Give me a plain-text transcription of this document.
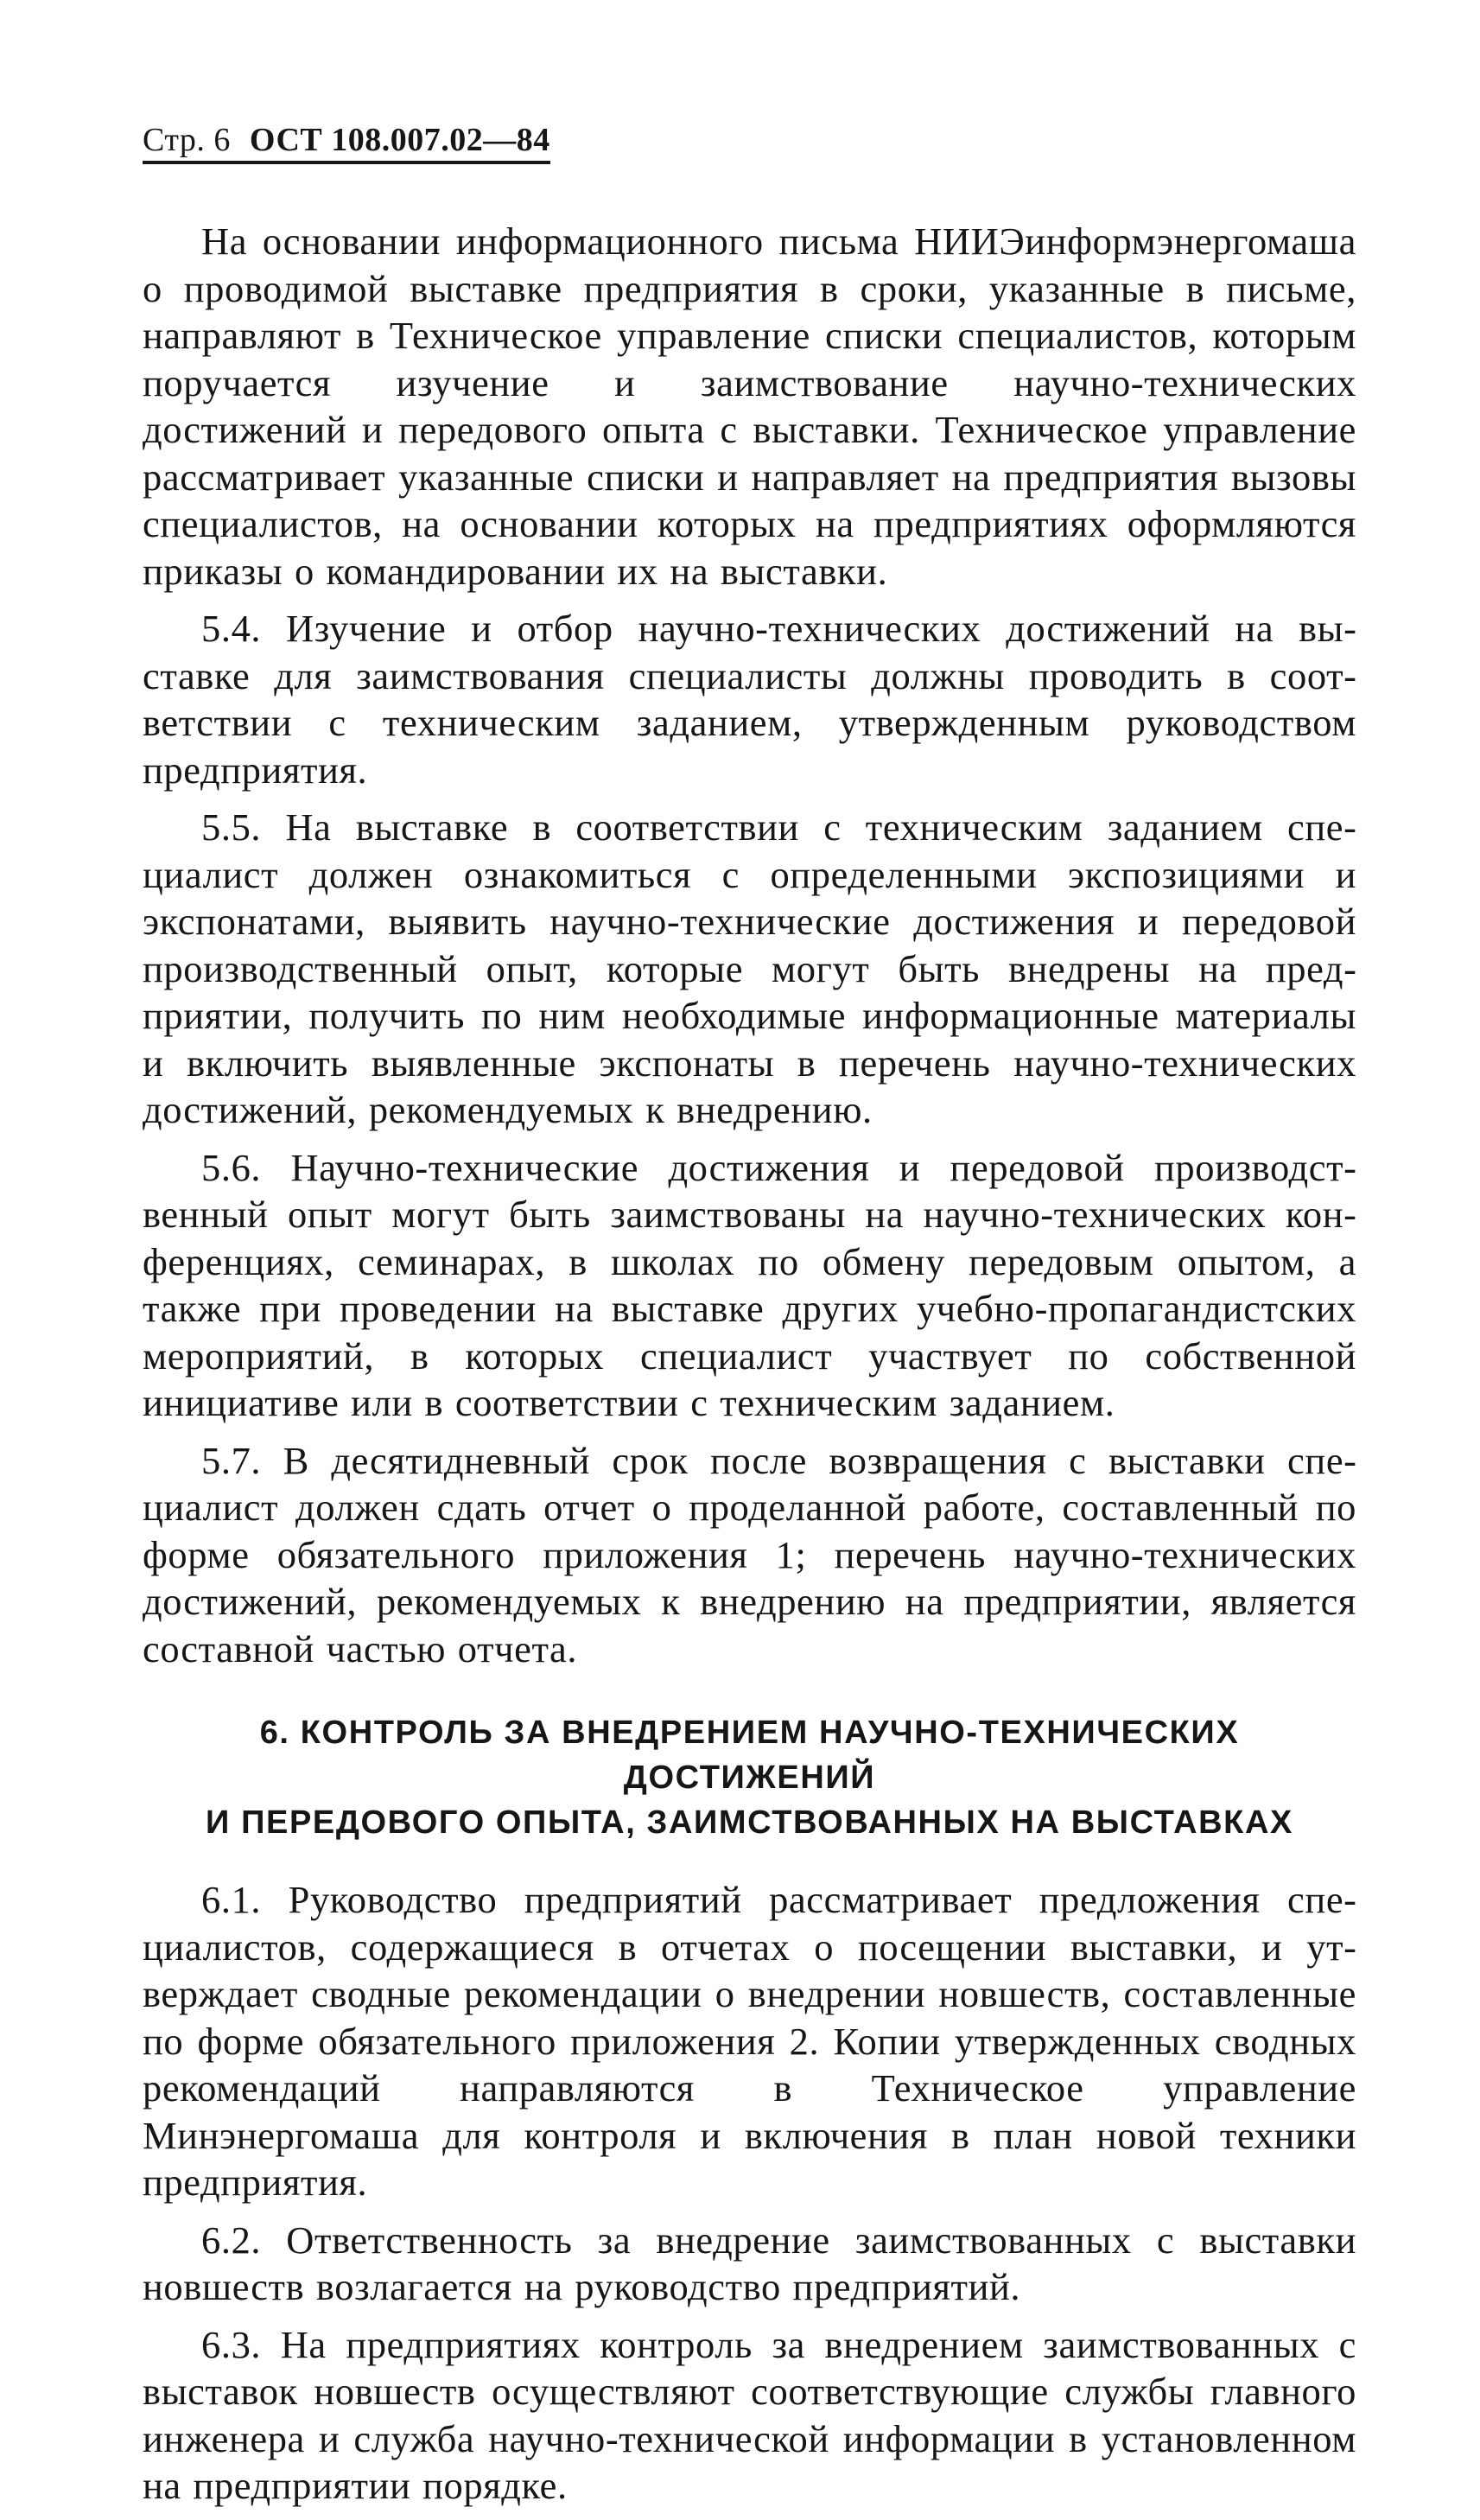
Стр. 6 ОСТ 108.007.02—84

На основании информационного письма НИИЭинформэнергомаша о проводимой выставке предприятия в сроки, указанные в письме, направляют в Техническое управление списки специалистов, которым поручается изучение и заимствование научно-технических достижений и передового опыта с выставки. Техническое управление рассматривает указанные списки и направляет на предприятия вызовы специалистов, на основании которых на предприятиях оформляются приказы о командировании их на выставки.

5.4. Изучение и отбор научно-технических достижений на выставке для заимствования специалисты должны проводить в соответствии с техническим заданием, утвержденным руководством предприятия.

5.5. На выставке в соответствии с техническим заданием специалист должен ознакомиться с определенными экспозициями и экспонатами, выявить научно-технические достижения и передовой производственный опыт, которые могут быть внедрены на предприятии, получить по ним необходимые информационные материалы и включить выявленные экспонаты в перечень научно-технических достижений, рекомендуемых к внедрению.

5.6. Научно-технические достижения и передовой производственный опыт могут быть заимствованы на научно-технических конференциях, семинарах, в школах по обмену передовым опытом, а также при проведении на выставке других учебно-пропагандистских мероприятий, в которых специалист участвует по собственной инициативе или в соответствии с техническим заданием.

5.7. В десятидневный срок после возвращения с выставки специалист должен сдать отчет о проделанной работе, составленный по форме обязательного приложения 1; перечень научно-технических достижений, рекомендуемых к внедрению на предприятии, является составной частью отчета.

6. КОНТРОЛЬ ЗА ВНЕДРЕНИЕМ НАУЧНО-ТЕХНИЧЕСКИХ ДОСТИЖЕНИЙ
И ПЕРЕДОВОГО ОПЫТА, ЗАИМСТВОВАННЫХ НА ВЫСТАВКАХ

6.1. Руководство предприятий рассматривает предложения специалистов, содержащиеся в отчетах о посещении выставки, и утверждает сводные рекомендации о внедрении новшеств, составленные по форме обязательного приложения 2. Копии утвержденных сводных рекомендаций направляются в Техническое управление Минэнергомаша для контроля и включения в план новой техники предприятия.

6.2. Ответственность за внедрение заимствованных с выставки новшеств возлагается на руководство предприятий.

6.3. На предприятиях контроль за внедрением заимствованных с выставок новшеств осуществляют соответствующие службы главного инженера и служба научно-технической информации в установленном на предприятии порядке.
